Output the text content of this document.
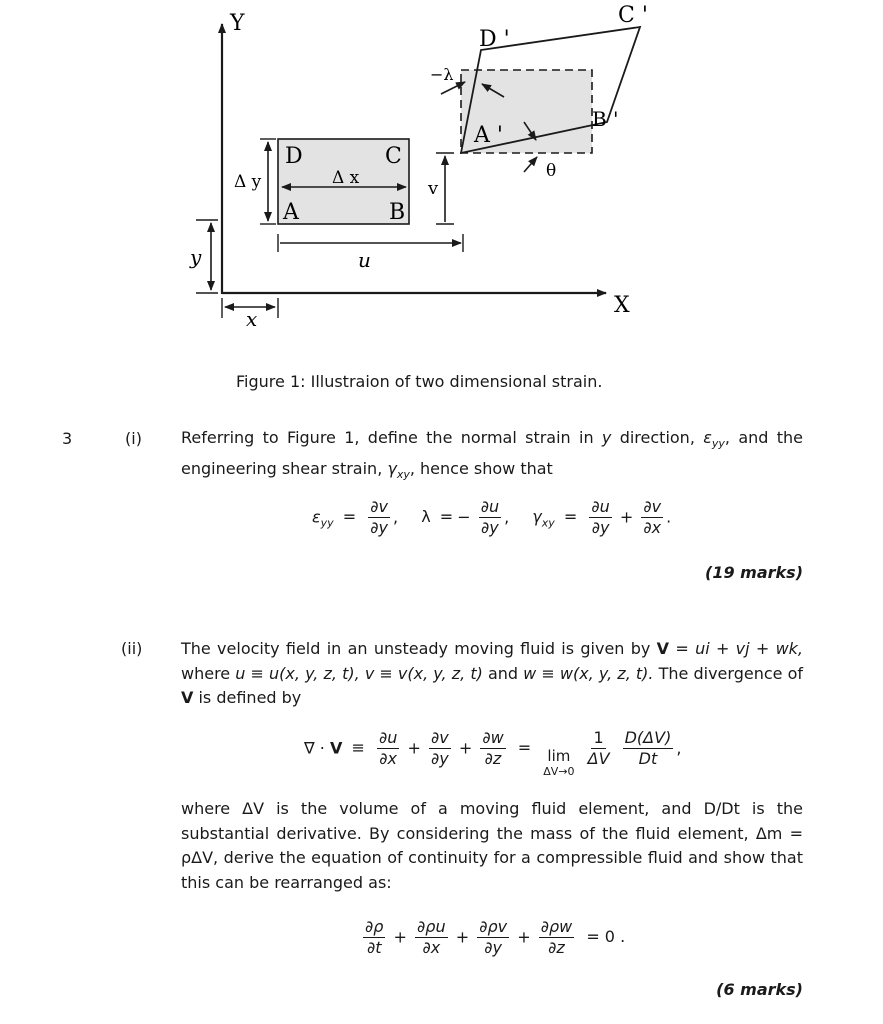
Y
X
D	C
A	B
Δ x
Δ y	v
u
y
x
D '
C '
A '
B '
−λ
θ
Figure 1: Illustraion of two dimensional strain.
3	(i) Referring to Figure 1, define the normal strain in y direction, $\varepsilon_{yy}$, and the engineering shear strain, $\gamma_{xy}$, hence show that
$\varepsilon_{yy} = \frac{\partial v}{\partial y}$ , λ = − $\frac{\partial u}{\partial y}$ , $\gamma_{xy} = \frac{\partial u}{\partial y} + \frac{\partial v}{\partial x}$ .
(19 marks)
(ii) The velocity field in an unsteady moving fluid is given by V = ui + vj + wk, where u ≡ u(x, y, z, t), v ≡ v(x, y, z, t) and w ≡ w(x, y, z, t). The divergence of V is defined by
∇ · $V \equiv \frac{\partial u}{\partial x} + \frac{\partial v}{\partial y} + \frac{\partial w}{\partial z} = \lim$
ΔV→0

$\frac{1}{\Delta V}$
$\frac{D(\Delta V)}{Dt}$ ,
where ΔV is the volume of a moving fluid element, and D/Dt is the substantial derivative. By considering the mass of the fluid element, Δm = ρΔV, derive the equation of continuity for a compressible fluid and show that this can be rearranged as:
$\frac{\partial\rho}{\partial t} + \frac{\partial\rho u}{\partial x} + \frac{\partial\rho v}{\partial y} + \frac{\partial\rho w}{\partial z} = 0$ .
(6 marks)
